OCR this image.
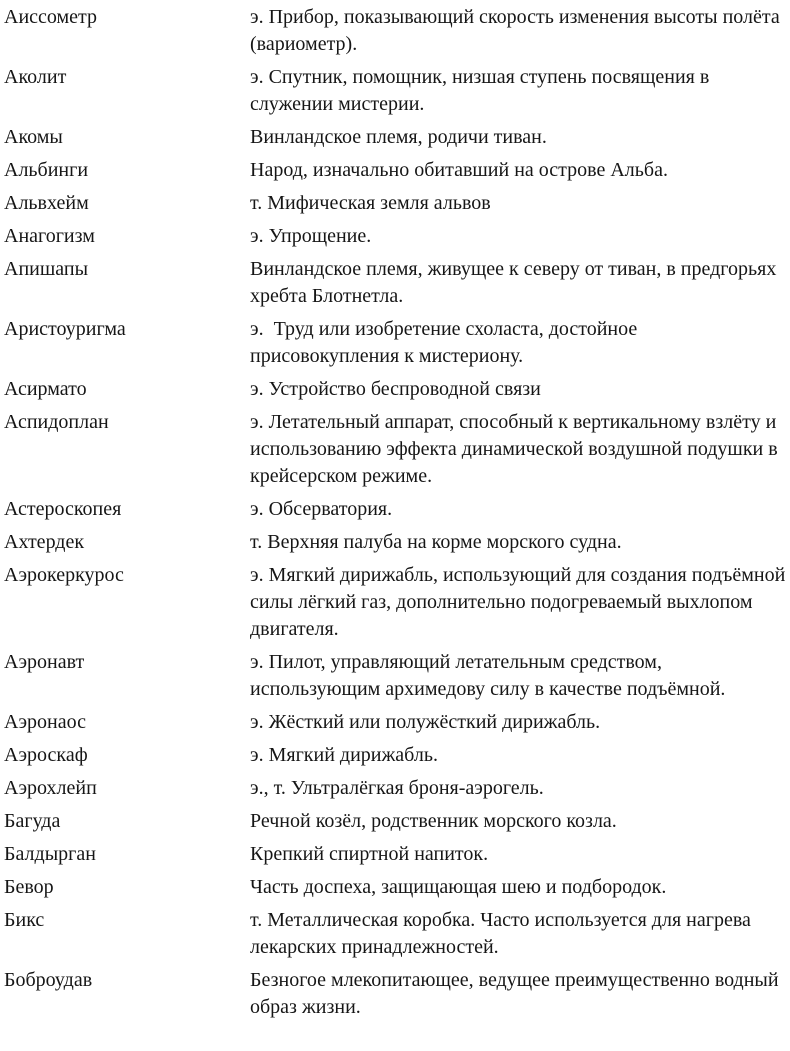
Аиссометр	э. Прибор, показывающий скорость изменения высоты полёта (вариометр).
Аколит	э. Спутник, помощник, низшая ступень посвящения в служении мистерии.
Акомы	Винландское племя, родичи тиван.
Альбинги	Народ, изначально обитавший на острове Альба.
Альвхейм	т. Мифическая земля альвов
Анагогизм	э. Упрощение.
Апишапы	Винландское племя, живущее к северу от тиван, в предгорьях хребта Блотнетла.
Аристоуригма	э.  Труд или изобретение схоласта, достойное присовокупления к мистериону.
Асирмато	э. Устройство беспроводной связи
Аспидоплан	э. Летательный аппарат, способный к вертикальному взлёту и использованию эффекта динамической воздушной подушки в крейсерском режиме.
Астероскопея	э. Обсерватория.
Ахтердек	т. Верхняя палуба на корме морского судна.
Аэрокеркурос	э. Мягкий дирижабль, использующий для создания подъёмной силы лёгкий газ, дополнительно подогреваемый выхлопом двигателя.
Аэронавт	э. Пилот, управляющий летательным средством, использующим архимедову силу в качестве подъёмной.
Аэронаос	э. Жёсткий или полужёсткий дирижабль.
Аэроскаф	э. Мягкий дирижабль.
Аэрохлейп	э., т. Ультралёгкая броня-аэрогель.
Багуда	Речной козёл, родственник морского козла.
Балдырган	Крепкий спиртной напиток.
Бевор	Часть доспеха, защищающая шею и подбородок.
Бикс	т. Металлическая коробка. Часто используется для нагрева лекарских принадлежностей.
Боброудав	Безногое млекопитающее, ведущее преимущественно водный образ жизни.
